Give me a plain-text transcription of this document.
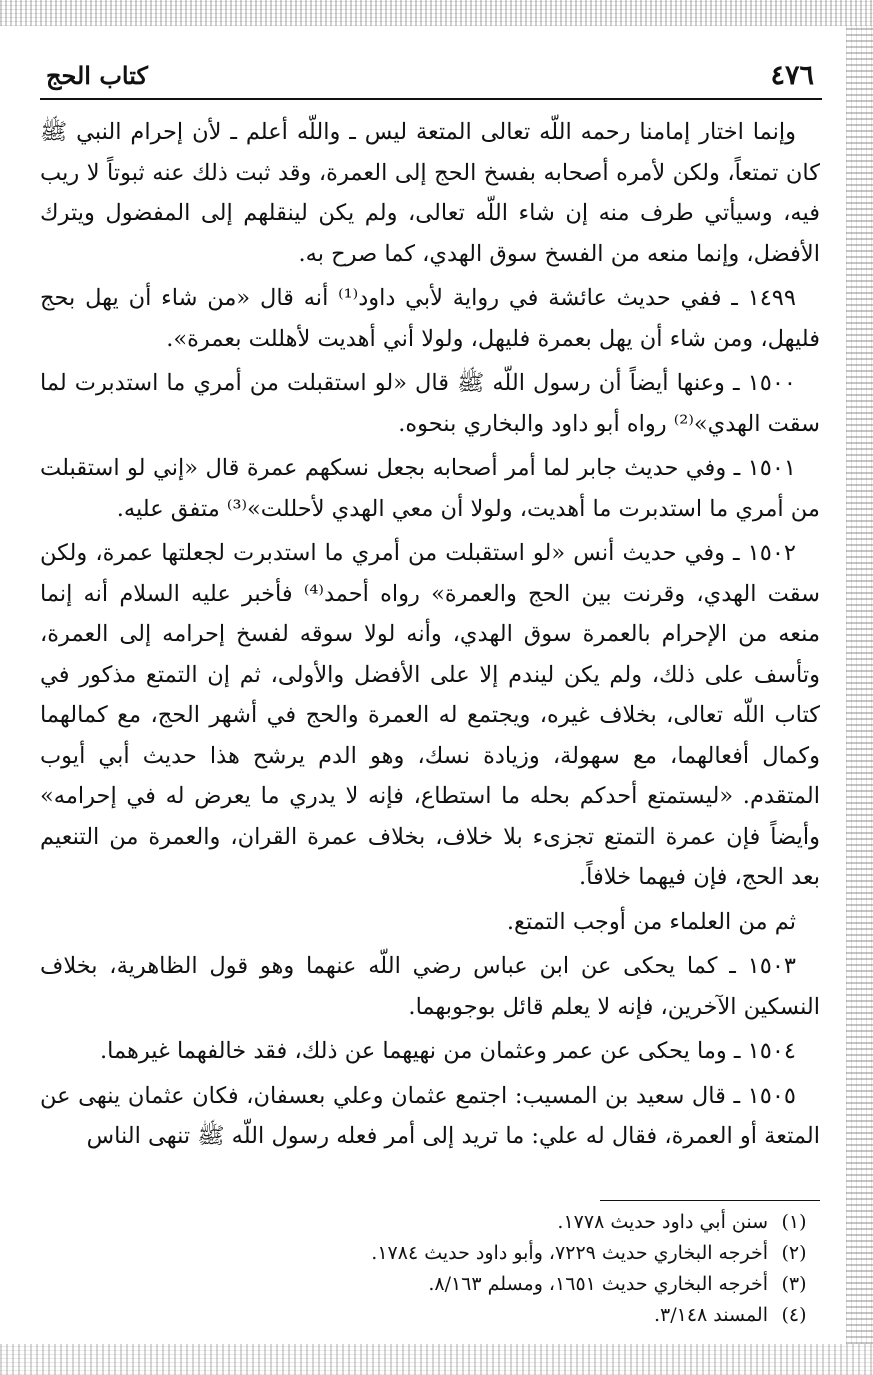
٤٧٦
كتاب الحج

وإنما اختار إمامنا رحمه اللّه تعالى المتعة ليس ـ واللّه أعلم ـ لأن إحرام النبي ﷺ كان تمتعاً، ولكن لأمره أصحابه بفسخ الحج إلى العمرة، وقد ثبت ذلك عنه ثبوتاً لا ريب فيه، وسيأتي طرف منه إن شاء اللّه تعالى، ولم يكن لينقلهم إلى المفضول ويترك الأفضل، وإنما منعه من الفسخ سوق الهدي، كما صرح به.

١٤٩٩ ـ ففي حديث عائشة في رواية لأبي داود⁽¹⁾ أنه قال «من شاء أن يهل بحج فليهل، ومن شاء أن يهل بعمرة فليهل، ولولا أني أهديت لأهللت بعمرة».

١٥٠٠ ـ وعنها أيضاً أن رسول اللّه ﷺ قال «لو استقبلت من أمري ما استدبرت لما سقت الهدي»⁽²⁾ رواه أبو داود والبخاري بنحوه.

١٥٠١ ـ وفي حديث جابر لما أمر أصحابه بجعل نسكهم عمرة قال «إني لو استقبلت من أمري ما استدبرت ما أهديت، ولولا أن معي الهدي لأحللت»⁽³⁾ متفق عليه.

١٥٠٢ ـ وفي حديث أنس «لو استقبلت من أمري ما استدبرت لجعلتها عمرة، ولكن سقت الهدي، وقرنت بين الحج والعمرة» رواه أحمد⁽⁴⁾ فأخبر عليه السلام أنه إنما منعه من الإحرام بالعمرة سوق الهدي، وأنه لولا سوقه لفسخ إحرامه إلى العمرة، وتأسف على ذلك، ولم يكن ليندم إلا على الأفضل والأولى، ثم إن التمتع مذكور في كتاب اللّه تعالى، بخلاف غيره، ويجتمع له العمرة والحج في أشهر الحج، مع كمالهما وكمال أفعالهما، مع سهولة، وزيادة نسك، وهو الدم يرشح هذا حديث أبي أيوب المتقدم. «ليستمتع أحدكم بحله ما استطاع، فإنه لا يدري ما يعرض له في إحرامه» وأيضاً فإن عمرة التمتع تجزىء بلا خلاف، بخلاف عمرة القران، والعمرة من التنعيم بعد الحج، فإن فيهما خلافاً.

ثم من العلماء من أوجب التمتع.

١٥٠٣ ـ كما يحكى عن ابن عباس رضي اللّه عنهما وهو قول الظاهرية، بخلاف النسكين الآخرين، فإنه لا يعلم قائل بوجوبهما.

١٥٠٤ ـ وما يحكى عن عمر وعثمان من نهيهما عن ذلك، فقد خالفهما غيرهما.

١٥٠٥ ـ قال سعيد بن المسيب: اجتمع عثمان وعلي بعسفان، فكان عثمان ينهى عن المتعة أو العمرة، فقال له علي: ما تريد إلى أمر فعله رسول اللّه ﷺ تنهى الناس

(١)
سنن أبي داود حديث ١٧٧٨.
(٢)
أخرجه البخاري حديث ٧٢٢٩، وأبو داود حديث ١٧٨٤.
(٣)
أخرجه البخاري حديث ١٦٥١، ومسلم ٨/١٦٣.
(٤)
المسند ٣/١٤٨.
